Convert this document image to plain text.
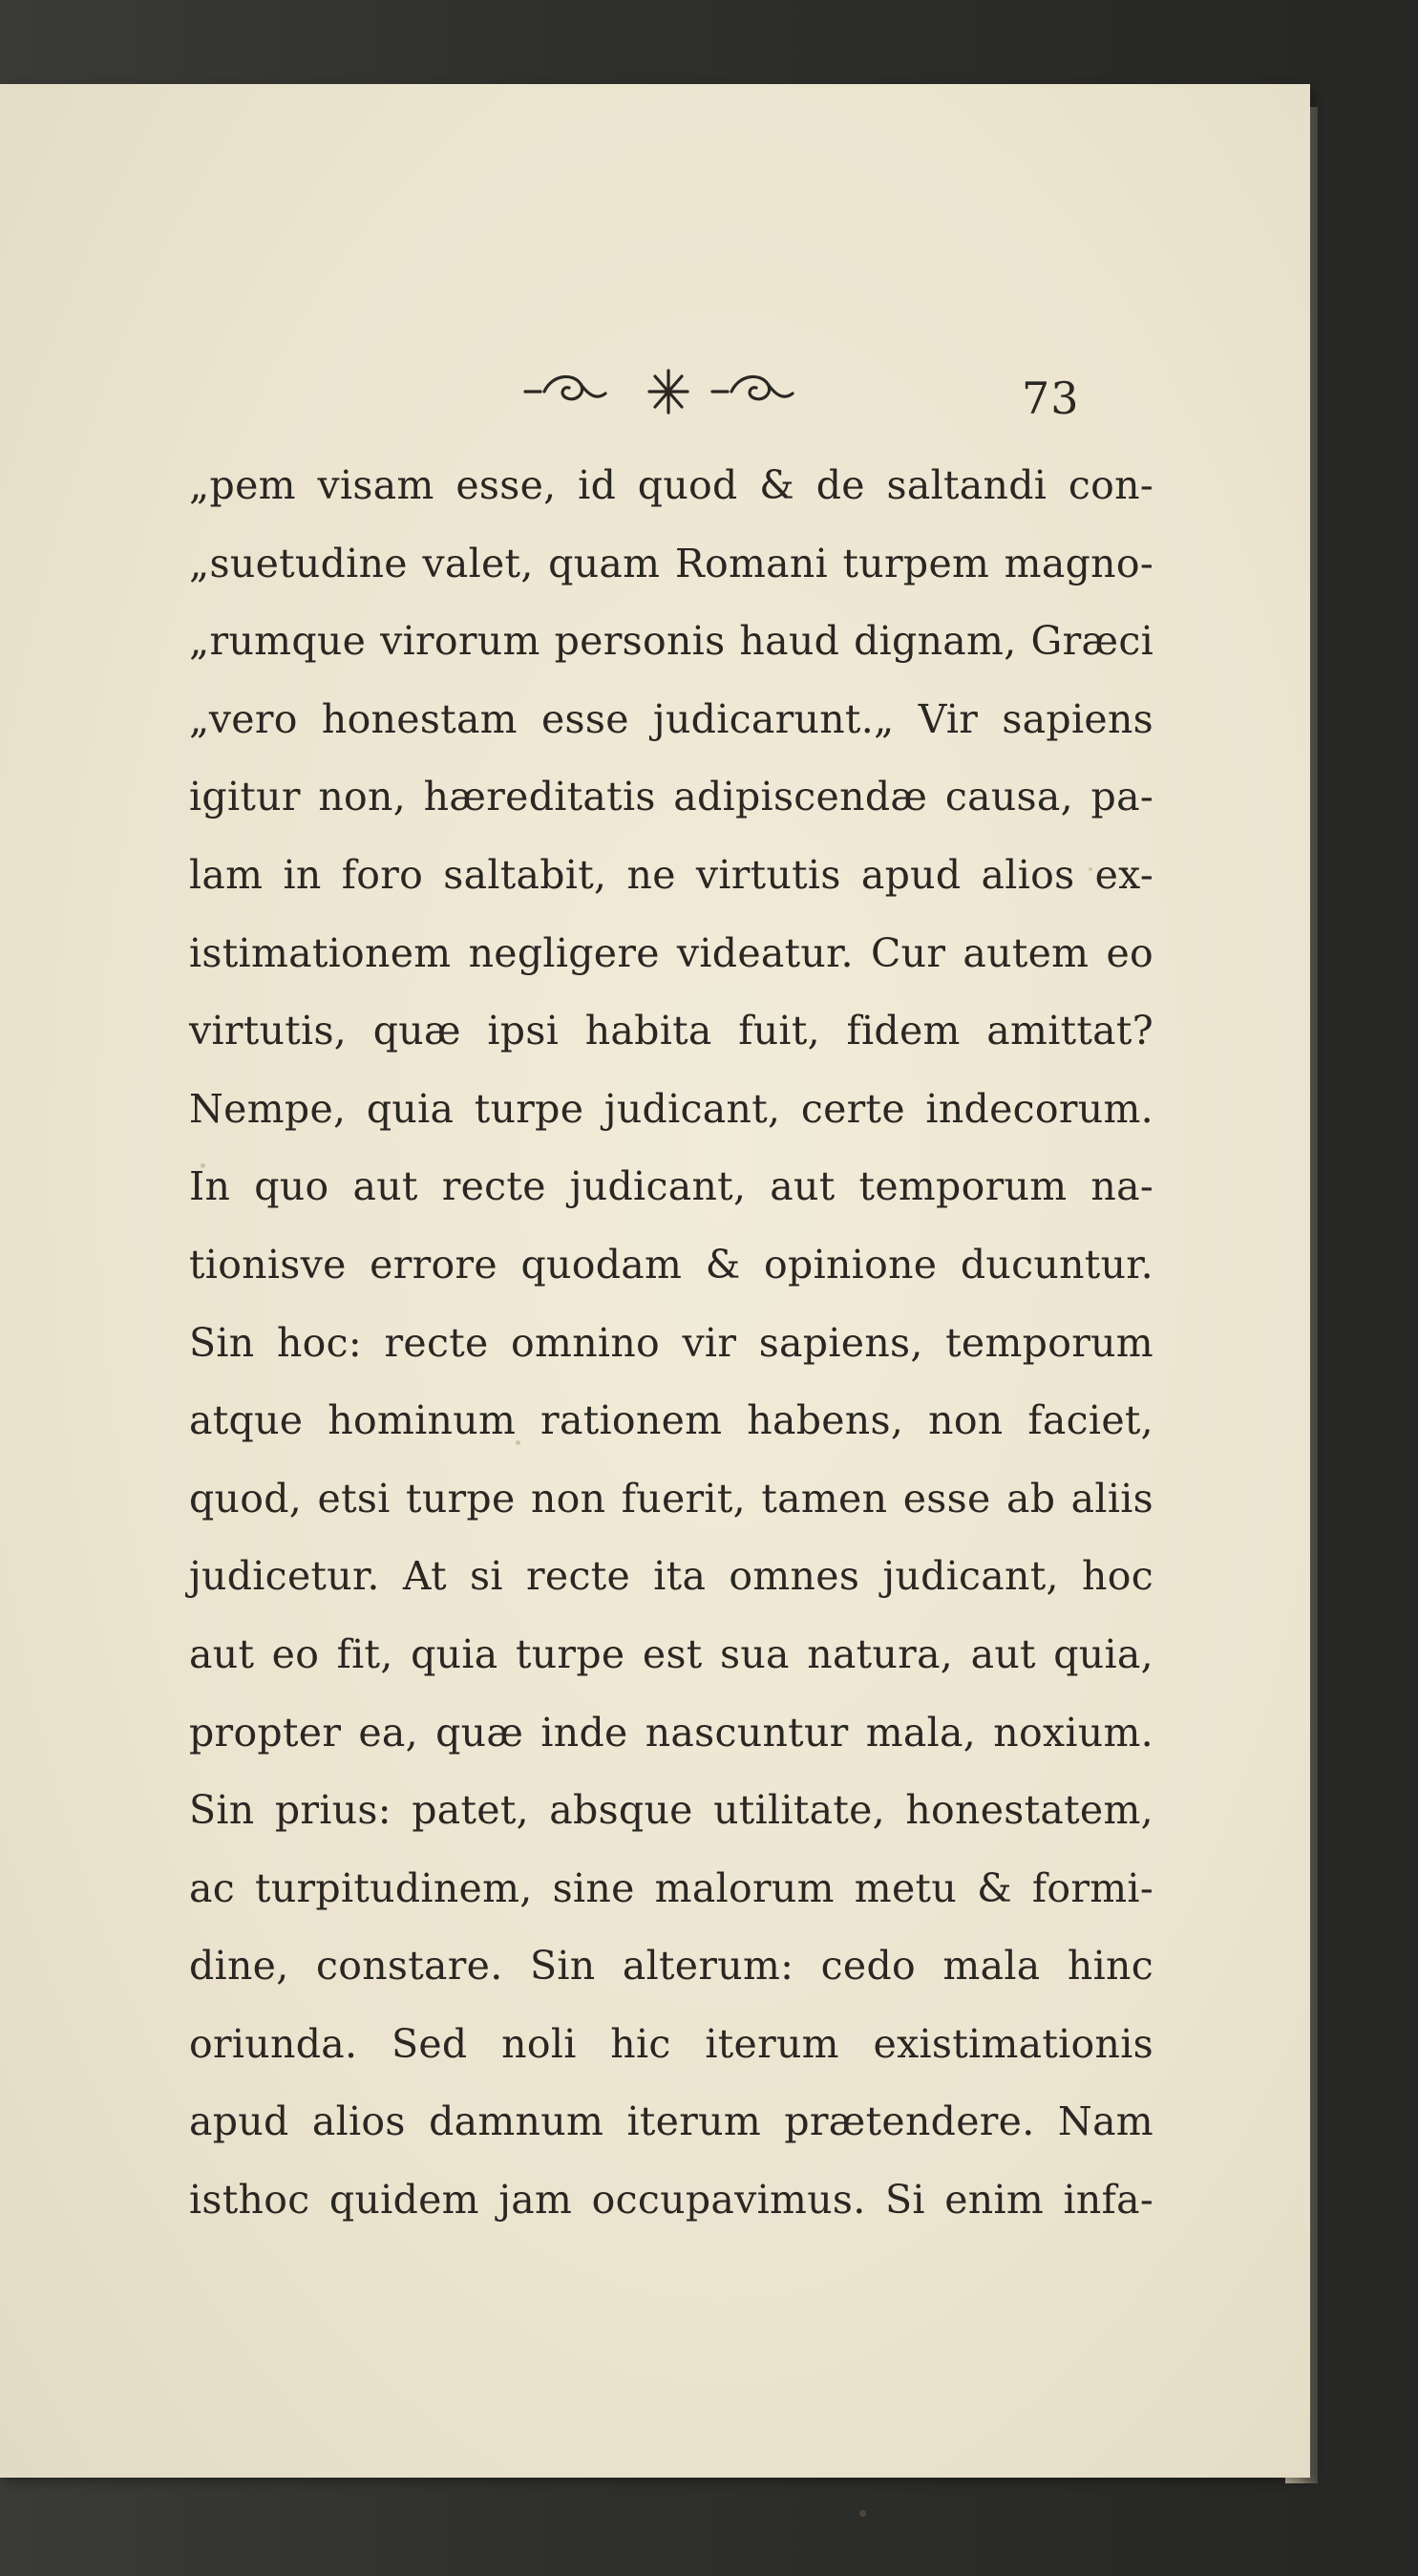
73
„pem visam esse, id quod & de saltandi con-
„suetudine valet, quam Romani turpem magno-
„rumque virorum personis haud dignam, Græci
„vero honestam esse judicarunt.„ Vir sapiens
igitur non, hæreditatis adipiscendæ causa, pa-
lam in foro saltabit, ne virtutis apud alios ex-
istimationem negligere videatur. Cur autem eo
virtutis, quæ ipsi habita fuit, fidem amittat?
Nempe, quia turpe judicant, certe indecorum.
In quo aut recte judicant, aut temporum na-
tionisve errore quodam & opinione ducuntur.
Sin hoc: recte omnino vir sapiens, temporum
atque hominum rationem habens, non faciet,
quod, etsi turpe non fuerit, tamen esse ab aliis
judicetur. At si recte ita omnes judicant, hoc
aut eo fit, quia turpe est sua natura, aut quia,
propter ea, quæ inde nascuntur mala, noxium.
Sin prius: patet, absque utilitate, honestatem,
ac turpitudinem, sine malorum metu & formi-
dine, constare. Sin alterum: cedo mala hinc
oriunda. Sed noli hic iterum existimationis
apud alios damnum iterum prætendere. Nam
isthoc quidem jam occupavimus. Si enim infa-
